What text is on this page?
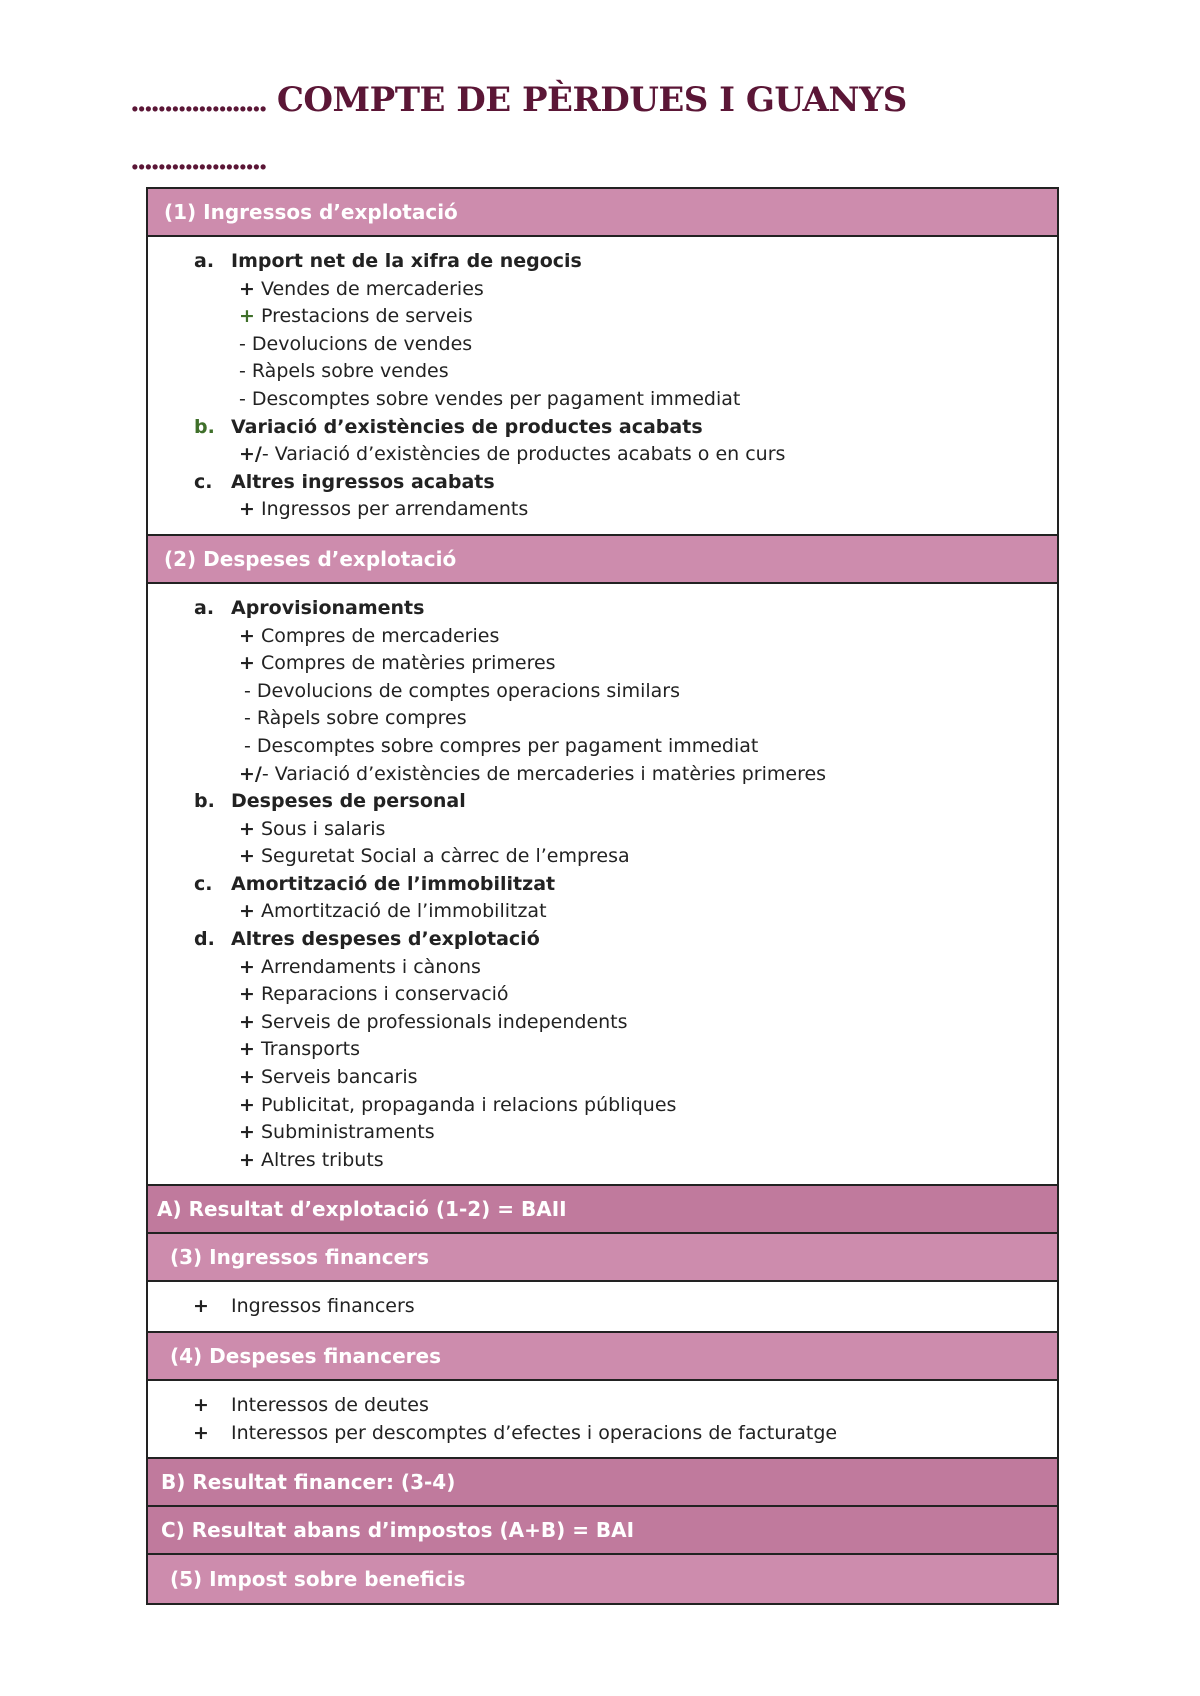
.................... COMPTE DE PÈRDUES I GUANYS
....................
(1) Ingressos d’explotació
a. Import net de la xifra de negocis
+ Vendes de mercaderies
+ Prestacions de serveis
- Devolucions de vendes
- Ràpels sobre vendes
- Descomptes sobre vendes per pagament immediat
b. Variació d’existències de productes acabats
+/- Variació d’existències de productes acabats o en curs
c. Altres ingressos acabats
+ Ingressos per arrendaments
(2) Despeses d’explotació
a. Aprovisionaments
+ Compres de mercaderies
+ Compres de matèries primeres
- Devolucions de comptes operacions similars
- Ràpels sobre compres
- Descomptes sobre compres per pagament immediat
+/- Variació d’existències de mercaderies i matèries primeres
b. Despeses de personal
+ Sous i salaris
+ Seguretat Social a càrrec de l’empresa
c. Amortització de l’immobilitzat
+ Amortització de l’immobilitzat
d. Altres despeses d’explotació
+ Arrendaments i cànons
+ Reparacions i conservació
+ Serveis de professionals independents
+ Transports
+ Serveis bancaris
+ Publicitat, propaganda i relacions públiques
+ Subministraments
+ Altres tributs
A) Resultat d’explotació (1-2) = BAII
(3) Ingressos financers
+	Ingressos financers
(4) Despeses financeres
+	Interessos de deutes
+	Interessos per descomptes d’efectes i operacions de facturatge
B) Resultat financer: (3-4)
C) Resultat abans d’impostos (A+B) = BAI
(5) Impost sobre beneficis
